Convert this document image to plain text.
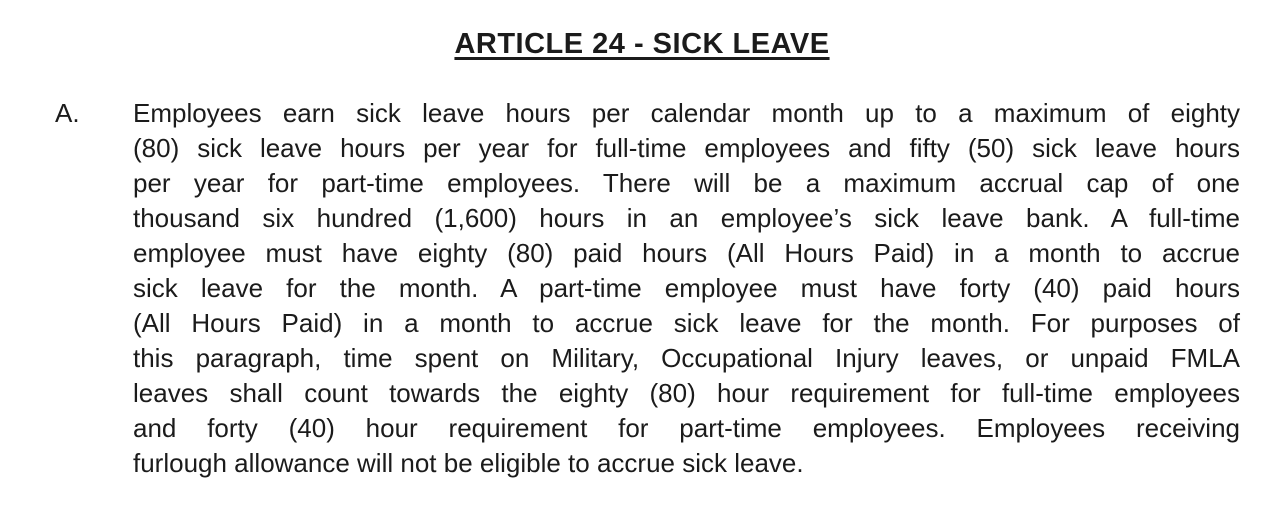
ARTICLE 24 - SICK LEAVE
A.	Employees earn sick leave hours per calendar month up to a maximum of eighty
(80) sick leave hours per year for full-time employees and fifty (50) sick leave hours
per year for part-time employees. There will be a maximum accrual cap of one
thousand six hundred (1,600) hours in an employee’s sick leave bank. A full-time
employee must have eighty (80) paid hours (All Hours Paid) in a month to accrue
sick leave for the month. A part-time employee must have forty (40) paid hours
(All Hours Paid) in a month to accrue sick leave for the month. For purposes of
this paragraph, time spent on Military, Occupational Injury leaves, or unpaid FMLA
leaves shall count towards the eighty (80) hour requirement for full-time employees
and forty (40) hour requirement for part-time employees. Employees receiving
furlough allowance will not be eligible to accrue sick leave.
